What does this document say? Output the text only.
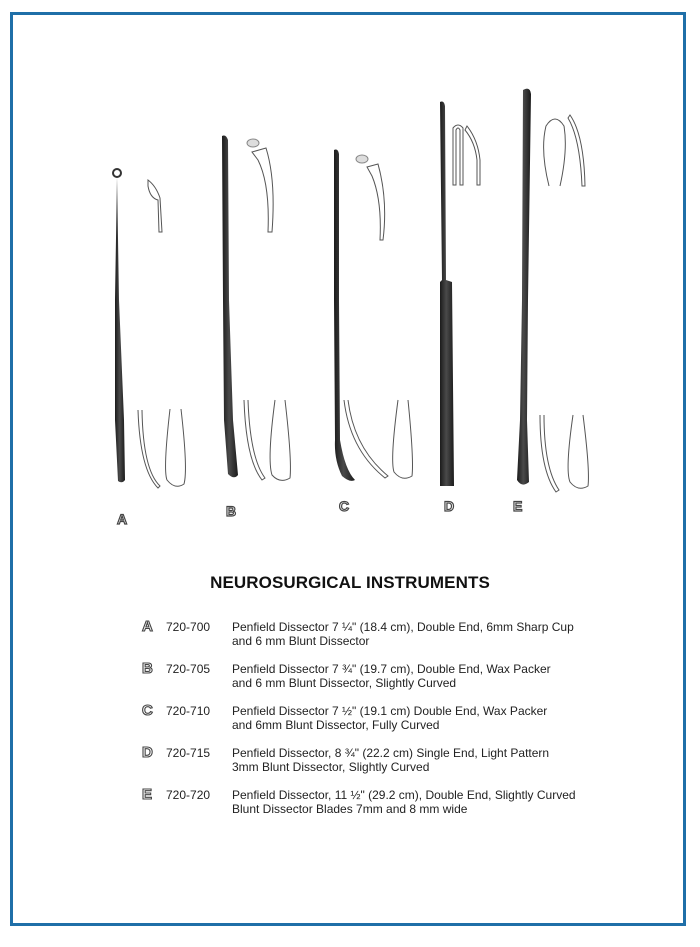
A	B	C	D	E
NEUROSURGICAL INSTRUMENTS
A	720-700	Penfield Dissector 7 ¼" (18.4 cm), Double End, 6mm Sharp Cup
and 6 mm Blunt Dissector
B	720-705	Penfield Dissector 7 ¾" (19.7 cm), Double End, Wax Packer
and 6 mm Blunt Dissector, Slightly Curved
C	720-710	Penfield Dissector 7 ½" (19.1 cm) Double End, Wax Packer
and 6mm Blunt Dissector, Fully Curved
D	720-715	Penfield Dissector, 8 ¾" (22.2 cm) Single End, Light Pattern
3mm Blunt Dissector, Slightly Curved
E	720-720	Penfield Dissector, 11 ½" (29.2 cm), Double End, Slightly Curved
Blunt Dissector Blades 7mm and 8 mm wide
